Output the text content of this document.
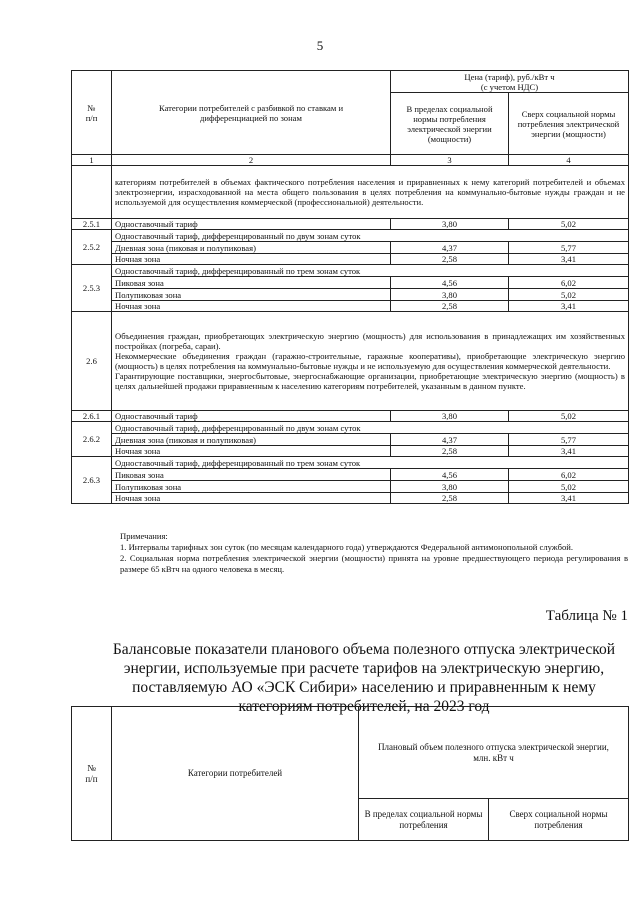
5
№
п/п	Категории потребителей с разбивкой по ставкам и дифференциацией по зонам	Цена (тариф), руб./кВт ч
(с учетом НДС)	
		В пределах социальной нормы потребления электрической энергии (мощности)	Сверх социальной нормы потребления электрической энергии (мощности)
1	2	3	4
	категориям потребителей в объемах фактического потребления населения и приравненных к нему категорий потребителей и объемах электроэнергии, израсходованной на места общего пользования в целях потребления на коммунально-бытовые нужды граждан и не используемой для осуществления коммерческой (профессиональной) деятельности.		
2.5.1	Одноставочный тариф	3,80	5,02
2.5.2	Одноставочный тариф, дифференцированный по двум зонам суток		
	Дневная зона (пиковая и полупиковая)	4,37	5,77
	Ночная зона	2,58	3,41
2.5.3	Одноставочный тариф, дифференцированный по трем зонам суток		
	Пиковая зона	4,56	6,02
	Полупиковая зона	3,80	5,02
	Ночная зона	2,58	3,41
2.6	Объединения граждан, приобретающих электрическую энергию (мощность) для использования в принадлежащих им хозяйственных постройках (погреба, сараи).
Некоммерческие объединения граждан (гаражно-строительные, гаражные кооперативы), приобретающие электрическую энергию (мощность) в целях потребления на коммунально-бытовые нужды и не используемую для осуществления коммерческой деятельности.
Гарантирующие поставщики, энергосбытовые, энергоснабжающие организации, приобретающие электрическую энергию (мощность) в целях дальнейшей продажи приравненным к населению категориям потребителей, указанным в данном пункте.		

2.6.1	Одноставочный тариф	3,80	5,02
2.6.2	Одноставочный тариф, дифференцированный по двум зонам суток		
	Дневная зона (пиковая и полупиковая)	4,37	5,77
	Ночная зона	2,58	3,41
2.6.3	Одноставочный тариф, дифференцированный по трем зонам суток		
	Пиковая зона	4,56	6,02
	Полупиковая зона	3,80	5,02
	Ночная зона	2,58	3,41

Примечания:

1. Интервалы тарифных зон суток (по месяцам календарного года) утверждаются Федеральной антимонопольной службой.

2. Социальная норма потребления электрической энергии (мощности) принята на уровне предшествующего периода регулирования в размере 65 кВтч на одного человека в месяц.

Таблица № 1
Балансовые показатели планового объема полезного отпуска электрической энергии, используемые при расчете тарифов на электрическую энергию, поставляемую АО «ЭСК Сибири» населению и приравненным к нему категориям потребителей, на 2023 год
№
п/п	Категории потребителей	Плановый объем полезного отпуска электрической энергии,
млн. кВт ч	
		В пределах социальной нормы потребления	Сверх социальной нормы потребления
